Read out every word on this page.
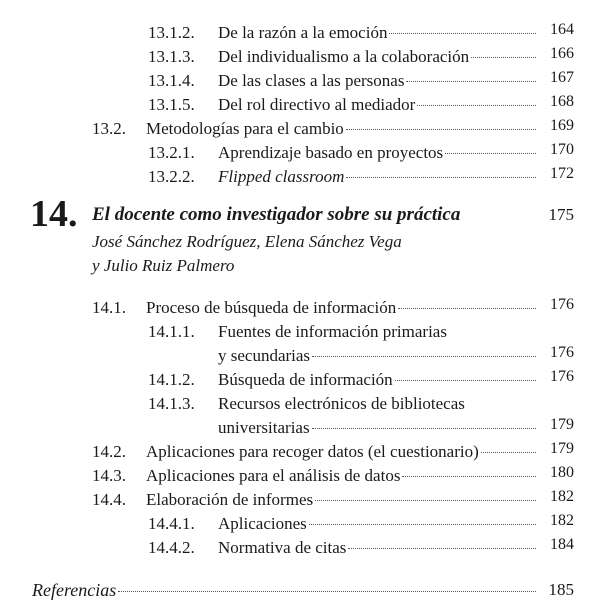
13.1.2.	De la razón a la emoción	164
13.1.3.	Del individualismo a la colaboración	166
13.1.4.	De las clases a las personas	167
13.1.5.	Del rol directivo al mediador	168
13.2.	Metodologías para el cambio	169
13.2.1.	Aprendizaje basado en proyectos	170
13.2.2.	Flipped classroom	172
14. El docente como investigador sobre su práctica	175
José Sánchez Rodríguez, Elena Sánchez Vega
y Julio Ruiz Palmero
14.1.	Proceso de búsqueda de información	176
14.1.1.	Fuentes de información primarias
y secundarias	176
14.1.2.	Búsqueda de información	176
14.1.3.	Recursos electrónicos de bibliotecas
universitarias	179
14.2.	Aplicaciones para recoger datos (el cuestionario)	179
14.3.	Aplicaciones para el análisis de datos	180
14.4.	Elaboración de informes	182
14.4.1.	Aplicaciones	182
14.4.2.	Normativa de citas	184
Referencias	185
